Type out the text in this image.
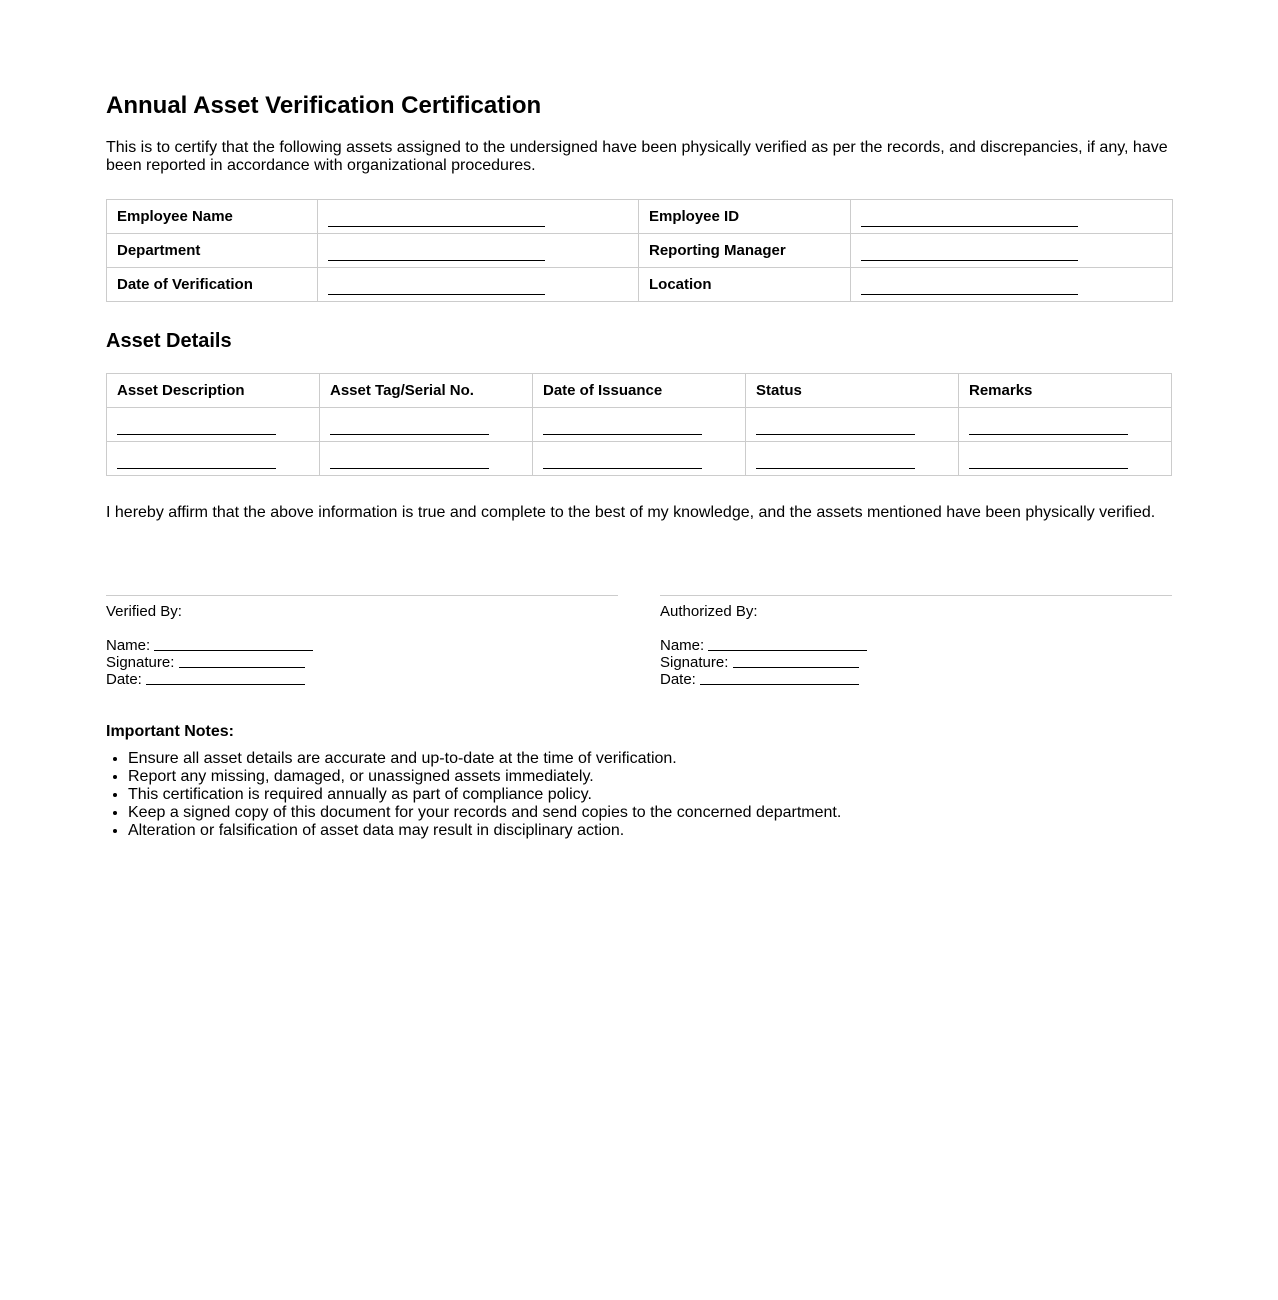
Annual Asset Verification Certification

This is to certify that the following assets assigned to the undersigned have been physically verified as per the records, and discrepancies, if any, have been reported in accordance with organizational procedures.

Employee Name		Employee ID	
Department		Reporting Manager	
Date of Verification		Location	
Asset Details
Asset Description	Asset Tag/Serial No.	Date of Issuance	Status	Remarks

I hereby affirm that the above information is true and complete to the best of my knowledge, and the assets mentioned have been physically verified.

Verified By:
Name:
Signature:
Date:
Authorized By:
Name:
Signature:
Date:
Important Notes:
• Ensure all asset details are accurate and up-to-date at the time of verification.
• Report any missing, damaged, or unassigned assets immediately.
• This certification is required annually as part of compliance policy.
• Keep a signed copy of this document for your records and send copies to the concerned department.
• Alteration or falsification of asset data may result in disciplinary action.
